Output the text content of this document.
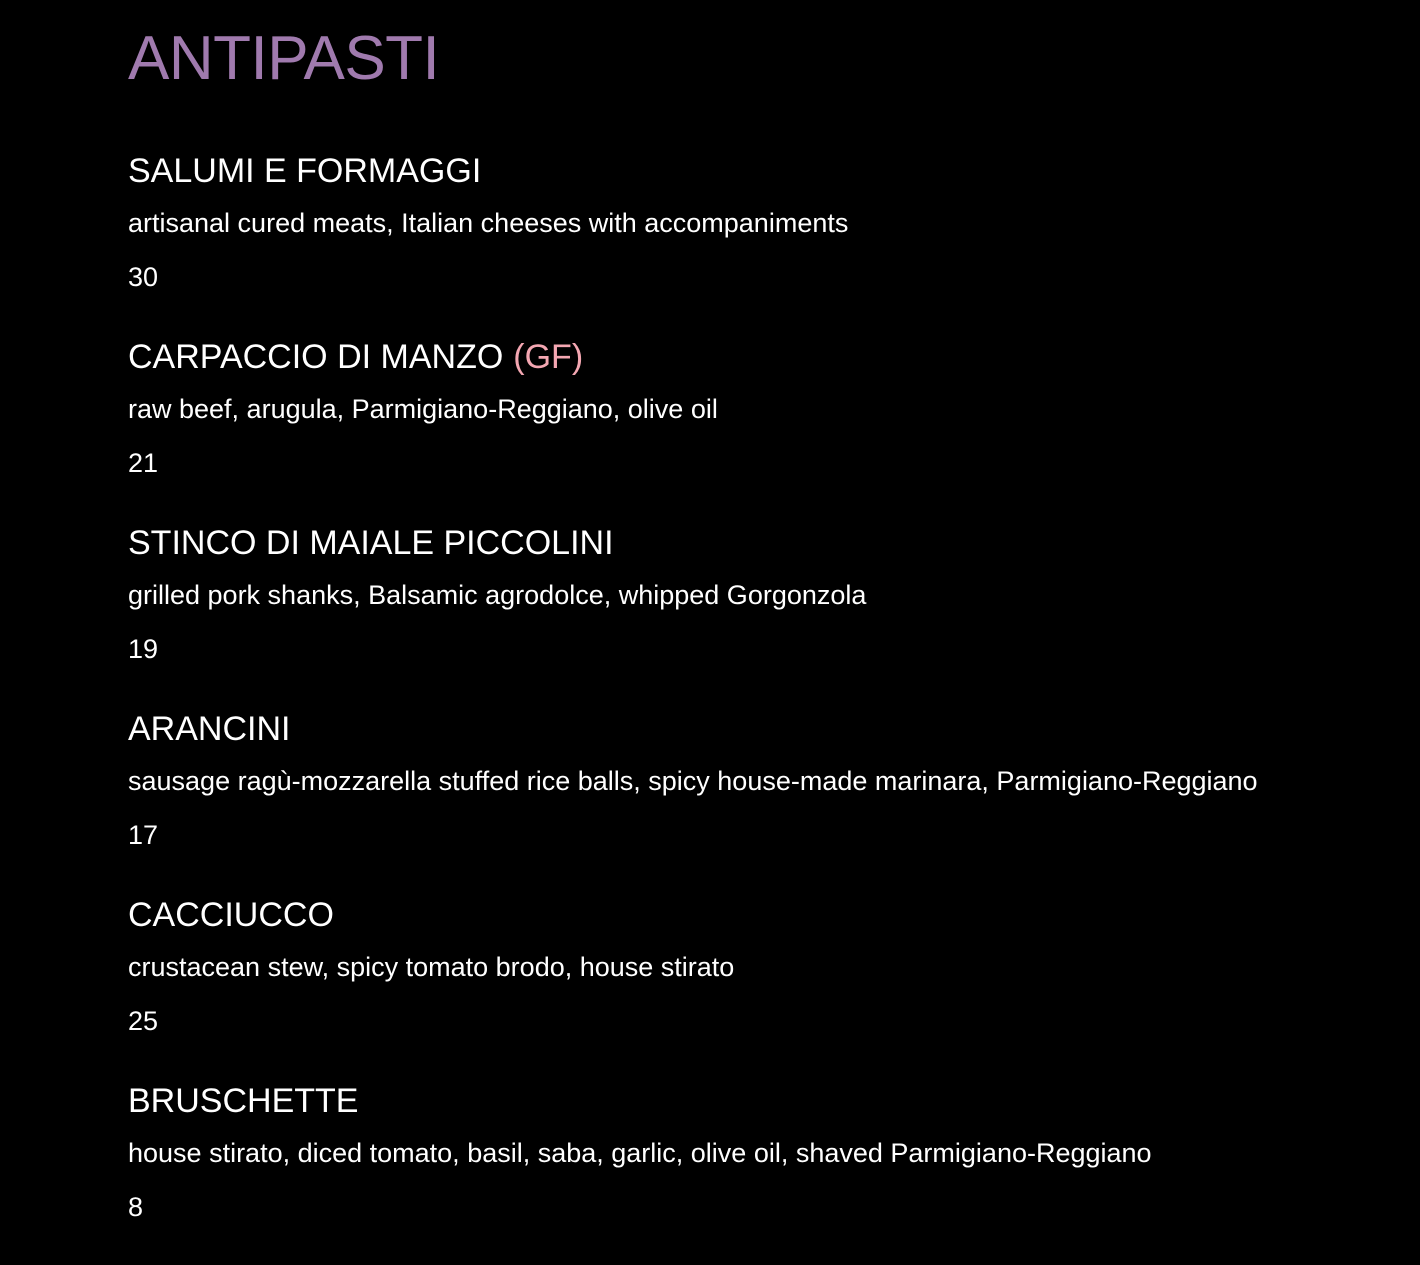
ANTIPASTI
SALUMI E FORMAGGI
artisanal cured meats, Italian cheeses with accompaniments
30
CARPACCIO DI MANZO (GF)
raw beef, arugula, Parmigiano-Reggiano, olive oil
21
STINCO DI MAIALE PICCOLINI
grilled pork shanks, Balsamic agrodolce, whipped Gorgonzola
19
ARANCINI
sausage ragù-mozzarella stuffed rice balls, spicy house-made marinara, Parmigiano-Reggiano
17
CACCIUCCO
crustacean stew, spicy tomato brodo, house stirato
25
BRUSCHETTE
house stirato, diced tomato, basil, saba, garlic, olive oil, shaved Parmigiano-Reggiano
8
